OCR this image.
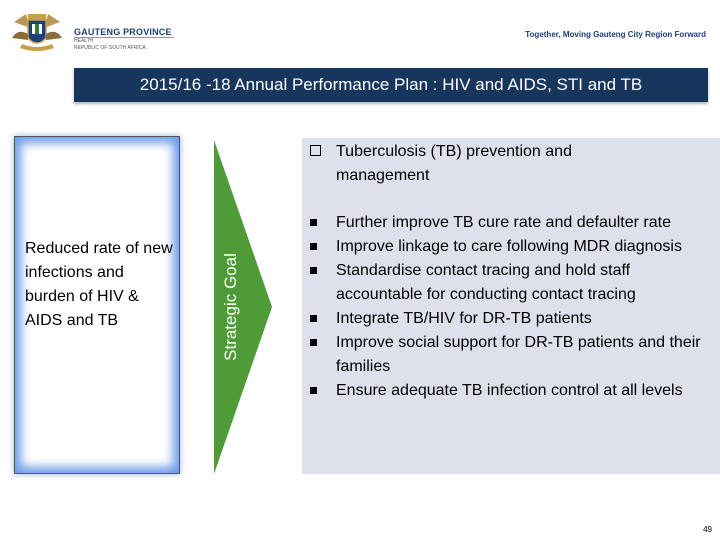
GAUTENG PROVINCE
HEALTH
REPUBLIC OF SOUTH AFRICA
Together, Moving Gauteng City Region Forward
2015/16 -18 Annual Performance Plan : HIV and AIDS, STI and TB
Reduced rate of new infections and burden of HIV & AIDS and TB	Strategic Goal
Tuberculosis (TB) prevention and management
Further improve TB cure rate and defaulter rate
Improve linkage to care following MDR diagnosis
Standardise contact tracing and hold staff accountable for conducting contact tracing
Integrate TB/HIV for DR-TB patients
Improve social support for DR-TB patients and their families
Ensure adequate TB infection control at all levels
49
